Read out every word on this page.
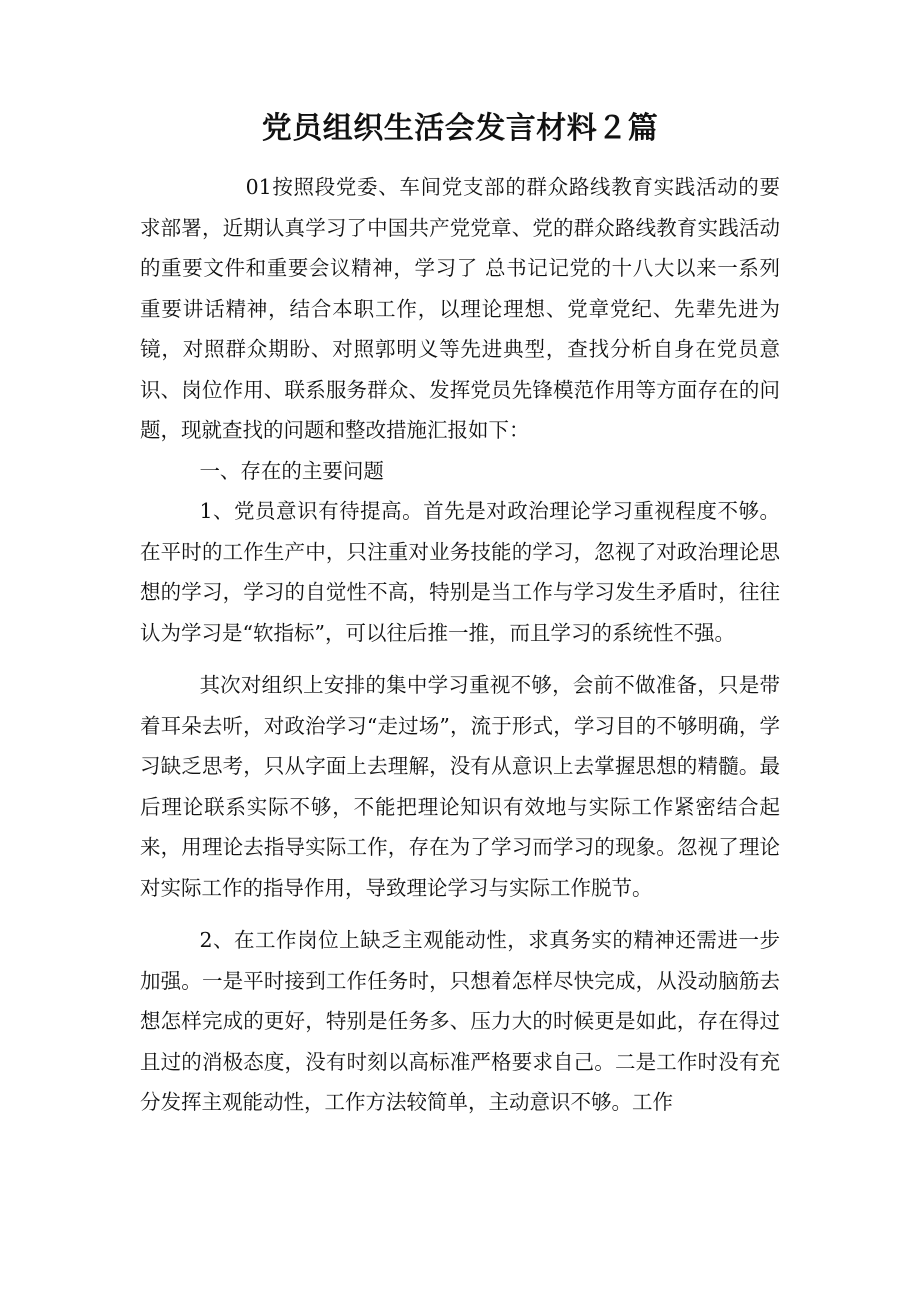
党员组织生活会发言材料２篇

01按照段党委、车间党支部的群众路线教育实践活动的要求部署，近期认真学习了中国共产党党章、党的群众路线教育实践活动的重要文件和重要会议精神，学习了 总书记记党的十八大以来一系列重要讲话精神，结合本职工作，以理论理想、党章党纪、先辈先进为镜，对照群众期盼、对照郭明义等先进典型，查找分析自身在党员意识、岗位作用、联系服务群众、发挥党员先锋模范作用等方面存在的问题，现就查找的问题和整改措施汇报如下：

一、存在的主要问题

1、党员意识有待提高。首先是对政治理论学习重视程度不够。在平时的工作生产中，只注重对业务技能的学习，忽视了对政治理论思想的学习，学习的自觉性不高，特别是当工作与学习发生矛盾时，往往认为学习是“软指标”，可以往后推一推，而且学习的系统性不强。

其次对组织上安排的集中学习重视不够，会前不做准备，只是带着耳朵去听，对政治学习“走过场”，流于形式，学习目的不够明确，学习缺乏思考，只从字面上去理解，没有从意识上去掌握思想的精髓。最后理论联系实际不够，不能把理论知识有效地与实际工作紧密结合起来，用理论去指导实际工作，存在为了学习而学习的现象。忽视了理论对实际工作的指导作用，导致理论学习与实际工作脱节。

2、在工作岗位上缺乏主观能动性，求真务实的精神还需进一步加强。一是平时接到工作任务时，只想着怎样尽快完成，从没动脑筋去想怎样完成的更好，特别是任务多、压力大的时候更是如此，存在得过且过的消极态度，没有时刻以高标准严格要求自己。二是工作时没有充分发挥主观能动性，工作方法较简单，主动意识不够。工作
